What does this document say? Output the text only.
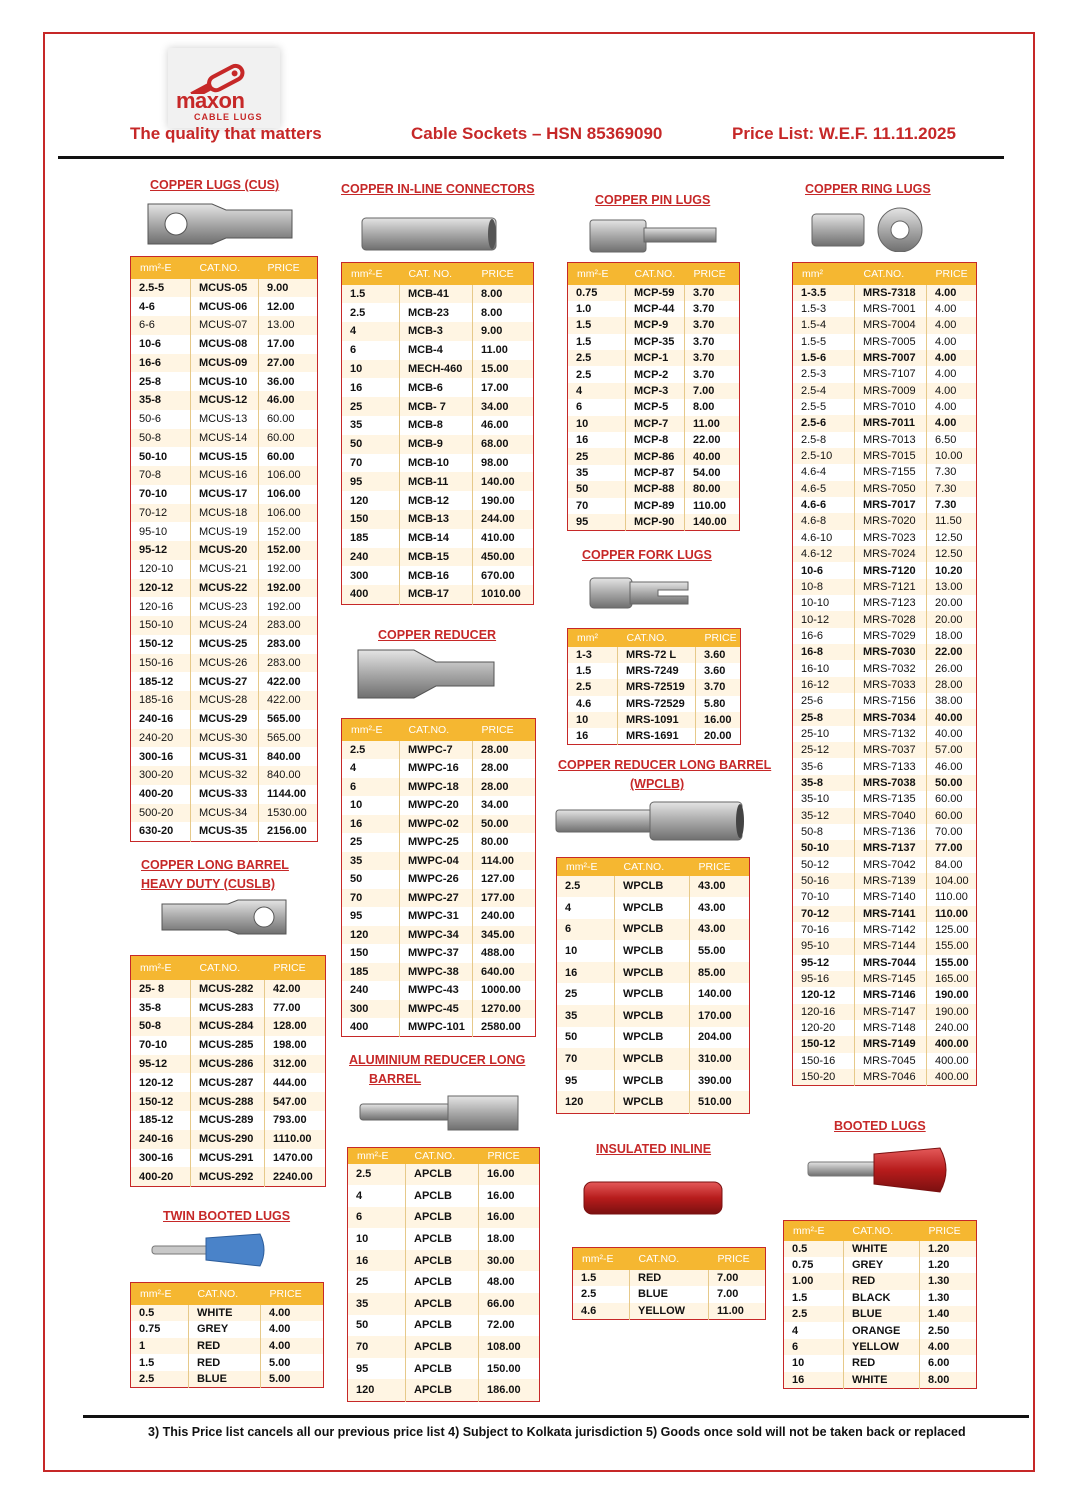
maxon
CABLE LUGS
The quality that matters	Cable Sockets – HSN 85369090	Price List: W.E.F. 11.11.2025
COPPER LUGS (CUS)
mm²-E	CAT.NO.	PRICE
2.5-5	MCUS-05	9.00
4-6	MCUS-06	12.00
6-6	MCUS-07	13.00
10-6	MCUS-08	17.00
16-6	MCUS-09	27.00
25-8	MCUS-10	36.00
35-8	MCUS-12	46.00
50-6	MCUS-13	60.00
50-8	MCUS-14	60.00
50-10	MCUS-15	60.00
70-8	MCUS-16	106.00
70-10	MCUS-17	106.00
70-12	MCUS-18	106.00
95-10	MCUS-19	152.00
95-12	MCUS-20	152.00
120-10	MCUS-21	192.00
120-12	MCUS-22	192.00
120-16	MCUS-23	192.00
150-10	MCUS-24	283.00
150-12	MCUS-25	283.00
150-16	MCUS-26	283.00
185-12	MCUS-27	422.00
185-16	MCUS-28	422.00
240-16	MCUS-29	565.00
240-20	MCUS-30	565.00
300-16	MCUS-31	840.00
300-20	MCUS-32	840.00
400-20	MCUS-33	1144.00
500-20	MCUS-34	1530.00
630-20	MCUS-35	2156.00
COPPER LONG BARREL
HEAVY DUTY (CUSLB)
mm²-E	CAT.NO.	PRICE
25- 8	MCUS-282	42.00
35-8	MCUS-283	77.00
50-8	MCUS-284	128.00
70-10	MCUS-285	198.00
95-12	MCUS-286	312.00
120-12	MCUS-287	444.00
150-12	MCUS-288	547.00
185-12	MCUS-289	793.00
240-16	MCUS-290	1110.00
300-16	MCUS-291	1470.00
400-20	MCUS-292	2240.00
TWIN BOOTED LUGS
mm²-E	CAT.NO.	PRICE
0.5	WHITE	4.00
0.75	GREY	4.00
1	RED	4.00
1.5	RED	5.00
2.5	BLUE	5.00
COPPER IN-LINE CONNECTORS
mm²-E	CAT. NO.	PRICE
1.5	MCB-41	8.00
2.5	MCB-23	8.00
4	MCB-3	9.00
6	MCB-4	11.00
10	MECH-460	15.00
16	MCB-6	17.00
25	MCB- 7	34.00
35	MCB-8	46.00
50	MCB-9	68.00
70	MCB-10	98.00
95	MCB-11	140.00
120	MCB-12	190.00
150	MCB-13	244.00
185	MCB-14	410.00
240	MCB-15	450.00
300	MCB-16	670.00
400	MCB-17	1010.00
COPPER REDUCER
mm²-E	CAT.NO.	PRICE
2.5	MWPC-7	28.00
4	MWPC-16	28.00
6	MWPC-18	28.00
10	MWPC-20	34.00
16	MWPC-02	50.00
25	MWPC-25	80.00
35	MWPC-04	114.00
50	MWPC-26	127.00
70	MWPC-27	177.00
95	MWPC-31	240.00
120	MWPC-34	345.00
150	MWPC-37	488.00
185	MWPC-38	640.00
240	MWPC-43	1000.00
300	MWPC-45	1270.00
400	MWPC-101	2580.00
ALUMINIUM REDUCER LONG
BARREL
mm²-E	CAT.NO.	PRICE
2.5	APCLB	16.00
4	APCLB	16.00
6	APCLB	16.00
10	APCLB	18.00
16	APCLB	30.00
25	APCLB	48.00
35	APCLB	66.00
50	APCLB	72.00
70	APCLB	108.00
95	APCLB	150.00
120	APCLB	186.00
COPPER PIN LUGS
mm²-E	CAT.NO.	PRICE
0.75	MCP-59	3.70
1.0	MCP-44	3.70
1.5	MCP-9	3.70
1.5	MCP-35	3.70
2.5	MCP-1	3.70
2.5	MCP-2	3.70
4	MCP-3	7.00
6	MCP-5	8.00
10	MCP-7	11.00
16	MCP-8	22.00
25	MCP-86	40.00
35	MCP-87	54.00
50	MCP-88	80.00
70	MCP-89	110.00
95	MCP-90	140.00
COPPER FORK LUGS
mm²	CAT.NO.	PRICE
1-3	MRS-72 L	3.60
1.5	MRS-7249	3.60
2.5	MRS-72519	3.70
4.6	MRS-72529	5.80
10	MRS-1091	16.00
16	MRS-1691	20.00
COPPER REDUCER LONG BARREL
(WPCLB)
mm²-E	CAT.NO.	PRICE
2.5	WPCLB	43.00
4	WPCLB	43.00
6	WPCLB	43.00
10	WPCLB	55.00
16	WPCLB	85.00
25	WPCLB	140.00
35	WPCLB	170.00
50	WPCLB	204.00
70	WPCLB	310.00
95	WPCLB	390.00
120	WPCLB	510.00
INSULATED INLINE
mm²-E	CAT.NO.	PRICE
1.5	RED	7.00
2.5	BLUE	7.00
4.6	YELLOW	11.00
COPPER RING LUGS
mm²	CAT.NO.	PRICE
1-3.5	MRS-7318	4.00
1.5-3	MRS-7001	4.00
1.5-4	MRS-7004	4.00
1.5-5	MRS-7005	4.00
1.5-6	MRS-7007	4.00
2.5-3	MRS-7107	4.00
2.5-4	MRS-7009	4.00
2.5-5	MRS-7010	4.00
2.5-6	MRS-7011	4.00
2.5-8	MRS-7013	6.50
2.5-10	MRS-7015	10.00
4.6-4	MRS-7155	7.30
4.6-5	MRS-7050	7.30
4.6-6	MRS-7017	7.30
4.6-8	MRS-7020	11.50
4.6-10	MRS-7023	12.50
4.6-12	MRS-7024	12.50
10-6	MRS-7120	10.20
10-8	MRS-7121	13.00
10-10	MRS-7123	20.00
10-12	MRS-7028	20.00
16-6	MRS-7029	18.00
16-8	MRS-7030	22.00
16-10	MRS-7032	26.00
16-12	MRS-7033	28.00
25-6	MRS-7156	38.00
25-8	MRS-7034	40.00
25-10	MRS-7132	40.00
25-12	MRS-7037	57.00
35-6	MRS-7133	46.00
35-8	MRS-7038	50.00
35-10	MRS-7135	60.00
35-12	MRS-7040	60.00
50-8	MRS-7136	70.00
50-10	MRS-7137	77.00
50-12	MRS-7042	84.00
50-16	MRS-7139	104.00
70-10	MRS-7140	110.00
70-12	MRS-7141	110.00
70-16	MRS-7142	125.00
95-10	MRS-7144	155.00
95-12	MRS-7044	155.00
95-16	MRS-7145	165.00
120-12	MRS-7146	190.00
120-16	MRS-7147	190.00
120-20	MRS-7148	240.00
150-12	MRS-7149	400.00
150-16	MRS-7045	400.00
150-20	MRS-7046	400.00
BOOTED LUGS
mm²-E	CAT.NO.	PRICE
0.5	WHITE	1.20
0.75	GREY	1.20
1.00	RED	1.30
1.5	BLACK	1.30
2.5	BLUE	1.40
4	ORANGE	2.50
6	YELLOW	4.00
10	RED	6.00
16	WHITE	8.00
3) This Price list cancels all our previous price list 4) Subject to Kolkata jurisdiction 5) Goods once sold will not be taken back or replaced
